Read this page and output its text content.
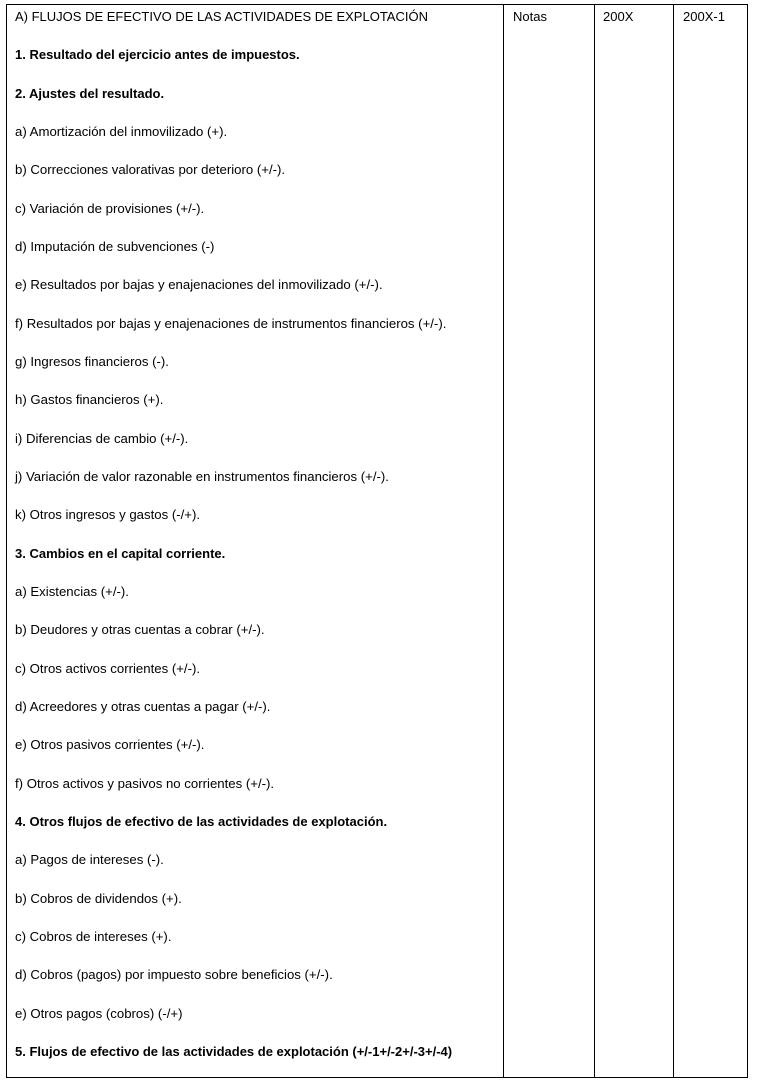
A) FLUJOS DE EFECTIVO DE LAS ACTIVIDADES DE EXPLOTACIÓN	Notas	200X	200X-1
1. Resultado del ejercicio antes de impuestos.
2. Ajustes del resultado.
a) Amortización del inmovilizado (+).
b) Correcciones valorativas por deterioro (+/-).
c) Variación de provisiones (+/-).
d) Imputación de subvenciones (-)
e) Resultados por bajas y enajenaciones del inmovilizado (+/-).
f) Resultados por bajas y enajenaciones de instrumentos financieros (+/-).
g) Ingresos financieros (-).
h) Gastos financieros (+).
i) Diferencias de cambio (+/-).
j) Variación de valor razonable en instrumentos financieros (+/-).
k) Otros ingresos y gastos (-/+).
3. Cambios en el capital corriente.
a) Existencias (+/-).
b) Deudores y otras cuentas a cobrar (+/-).
c) Otros activos corrientes (+/-).
d) Acreedores y otras cuentas a pagar (+/-).
e) Otros pasivos corrientes (+/-).
f) Otros activos y pasivos no corrientes (+/-).
4. Otros flujos de efectivo de las actividades de explotación.
a) Pagos de intereses (-).
b) Cobros de dividendos (+).
c) Cobros de intereses (+).
d) Cobros (pagos) por impuesto sobre beneficios (+/-).
e) Otros pagos (cobros) (-/+)
5. Flujos de efectivo de las actividades de explotación (+/-1+/-2+/-3+/-4)
